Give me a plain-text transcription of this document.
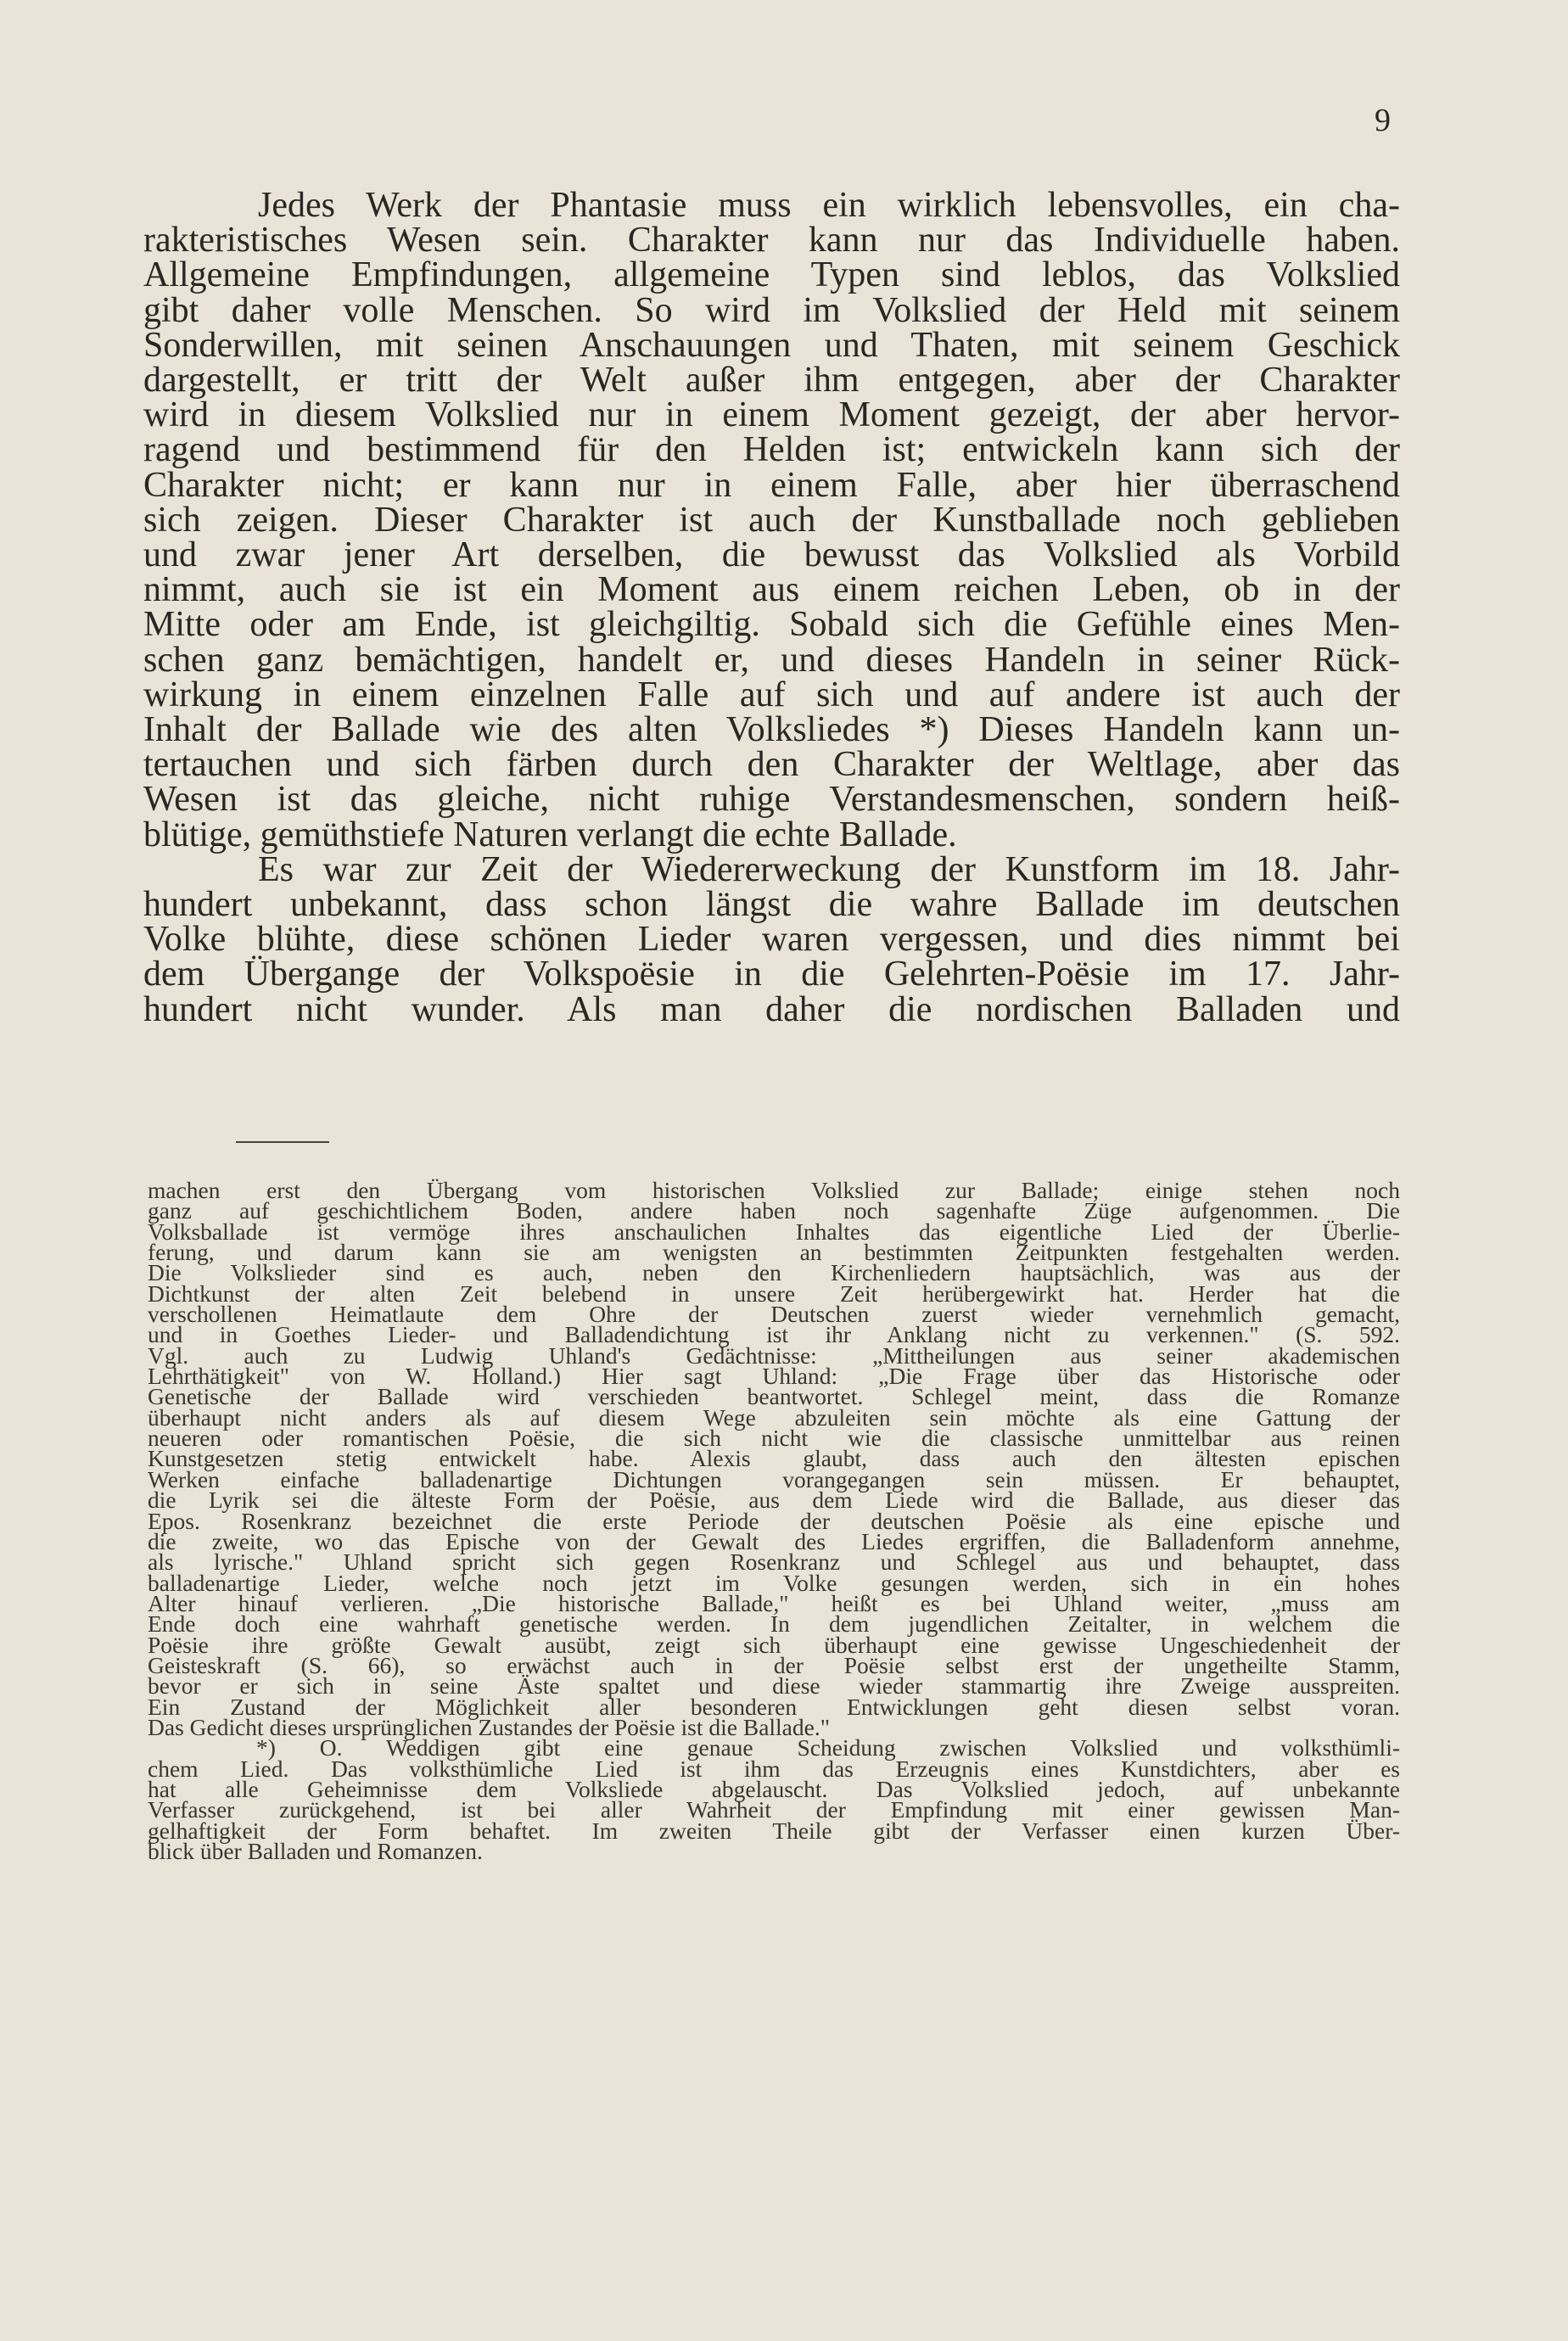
9
Jedes Werk der Phantasie muss ein wirklich lebensvolles, ein cha-
rakteristisches Wesen sein. Charakter kann nur das Individuelle haben.
Allgemeine Empfindungen, allgemeine Typen sind leblos, das Volkslied
gibt daher volle Menschen. So wird im Volkslied der Held mit seinem
Sonderwillen, mit seinen Anschauungen und Thaten, mit seinem Geschick
dargestellt, er tritt der Welt außer ihm entgegen, aber der Charakter
wird in diesem Volkslied nur in einem Moment gezeigt, der aber hervor-
ragend und bestimmend für den Helden ist; entwickeln kann sich der
Charakter nicht; er kann nur in einem Falle, aber hier überraschend
sich zeigen. Dieser Charakter ist auch der Kunstballade noch geblieben
und zwar jener Art derselben, die bewusst das Volkslied als Vorbild
nimmt, auch sie ist ein Moment aus einem reichen Leben, ob in der
Mitte oder am Ende, ist gleichgiltig. Sobald sich die Gefühle eines Men-
schen ganz bemächtigen, handelt er, und dieses Handeln in seiner Rück-
wirkung in einem einzelnen Falle auf sich und auf andere ist auch der
Inhalt der Ballade wie des alten Volksliedes *) Dieses Handeln kann un-
tertauchen und sich färben durch den Charakter der Weltlage, aber das
Wesen ist das gleiche, nicht ruhige Verstandesmenschen, sondern heiß-
blütige, gemüthstiefe Naturen verlangt die echte Ballade.
Es war zur Zeit der Wiedererweckung der Kunstform im 18. Jahr-
hundert unbekannt, dass schon längst die wahre Ballade im deutschen
Volke blühte, diese schönen Lieder waren vergessen, und dies nimmt bei
dem Übergange der Volkspoësie in die Gelehrten-Poësie im 17. Jahr-
hundert nicht wunder. Als man daher die nordischen Balladen und
machen erst den Übergang vom historischen Volkslied zur Ballade; einige stehen noch
ganz auf geschichtlichem Boden, andere haben noch sagenhafte Züge aufgenommen. Die
Volksballade ist vermöge ihres anschaulichen Inhaltes das eigentliche Lied der Überlie-
ferung, und darum kann sie am wenigsten an bestimmten Zeitpunkten festgehalten werden.
Die Volkslieder sind es auch, neben den Kirchenliedern hauptsächlich, was aus der
Dichtkunst der alten Zeit belebend in unsere Zeit herübergewirkt hat. Herder hat die
verschollenen Heimatlaute dem Ohre der Deutschen zuerst wieder vernehmlich gemacht,
und in Goethes Lieder- und Balladendichtung ist ihr Anklang nicht zu verkennen." (S. 592.
Vgl. auch zu Ludwig Uhland's Gedächtnisse: „Mittheilungen aus seiner akademischen
Lehrthätigkeit" von W. Holland.) Hier sagt Uhland: „Die Frage über das Historische oder
Genetische der Ballade wird verschieden beantwortet. Schlegel meint, dass die Romanze
überhaupt nicht anders als auf diesem Wege abzuleiten sein möchte als eine Gattung der
neueren oder romantischen Poësie, die sich nicht wie die classische unmittelbar aus reinen
Kunstgesetzen stetig entwickelt habe. Alexis glaubt, dass auch den ältesten epischen
Werken einfache balladenartige Dichtungen vorangegangen sein müssen. Er behauptet,
die Lyrik sei die älteste Form der Poësie, aus dem Liede wird die Ballade, aus dieser das
Epos. Rosenkranz bezeichnet die erste Periode der deutschen Poësie als eine epische und
die zweite, wo das Epische von der Gewalt des Liedes ergriffen, die Balladenform annehme,
als lyrische." Uhland spricht sich gegen Rosenkranz und Schlegel aus und behauptet, dass
balladenartige Lieder, welche noch jetzt im Volke gesungen werden, sich in ein hohes
Alter hinauf verlieren. „Die historische Ballade," heißt es bei Uhland weiter, „muss am
Ende doch eine wahrhaft genetische werden. In dem jugendlichen Zeitalter, in welchem die
Poësie ihre größte Gewalt ausübt, zeigt sich überhaupt eine gewisse Ungeschiedenheit der
Geisteskraft (S. 66), so erwächst auch in der Poësie selbst erst der ungetheilte Stamm,
bevor er sich in seine Äste spaltet und diese wieder stammartig ihre Zweige ausspreiten.
Ein Zustand der Möglichkeit aller besonderen Entwicklungen geht diesen selbst voran.
Das Gedicht dieses ursprünglichen Zustandes der Poësie ist die Ballade."
*) O. Weddigen gibt eine genaue Scheidung zwischen Volkslied und volksthümli-
chem Lied. Das volksthümliche Lied ist ihm das Erzeugnis eines Kunstdichters, aber es
hat alle Geheimnisse dem Volksliede abgelauscht. Das Volkslied jedoch, auf unbekannte
Verfasser zurückgehend, ist bei aller Wahrheit der Empfindung mit einer gewissen Man-
gelhaftigkeit der Form behaftet. Im zweiten Theile gibt der Verfasser einen kurzen Über-
blick über Balladen und Romanzen.
